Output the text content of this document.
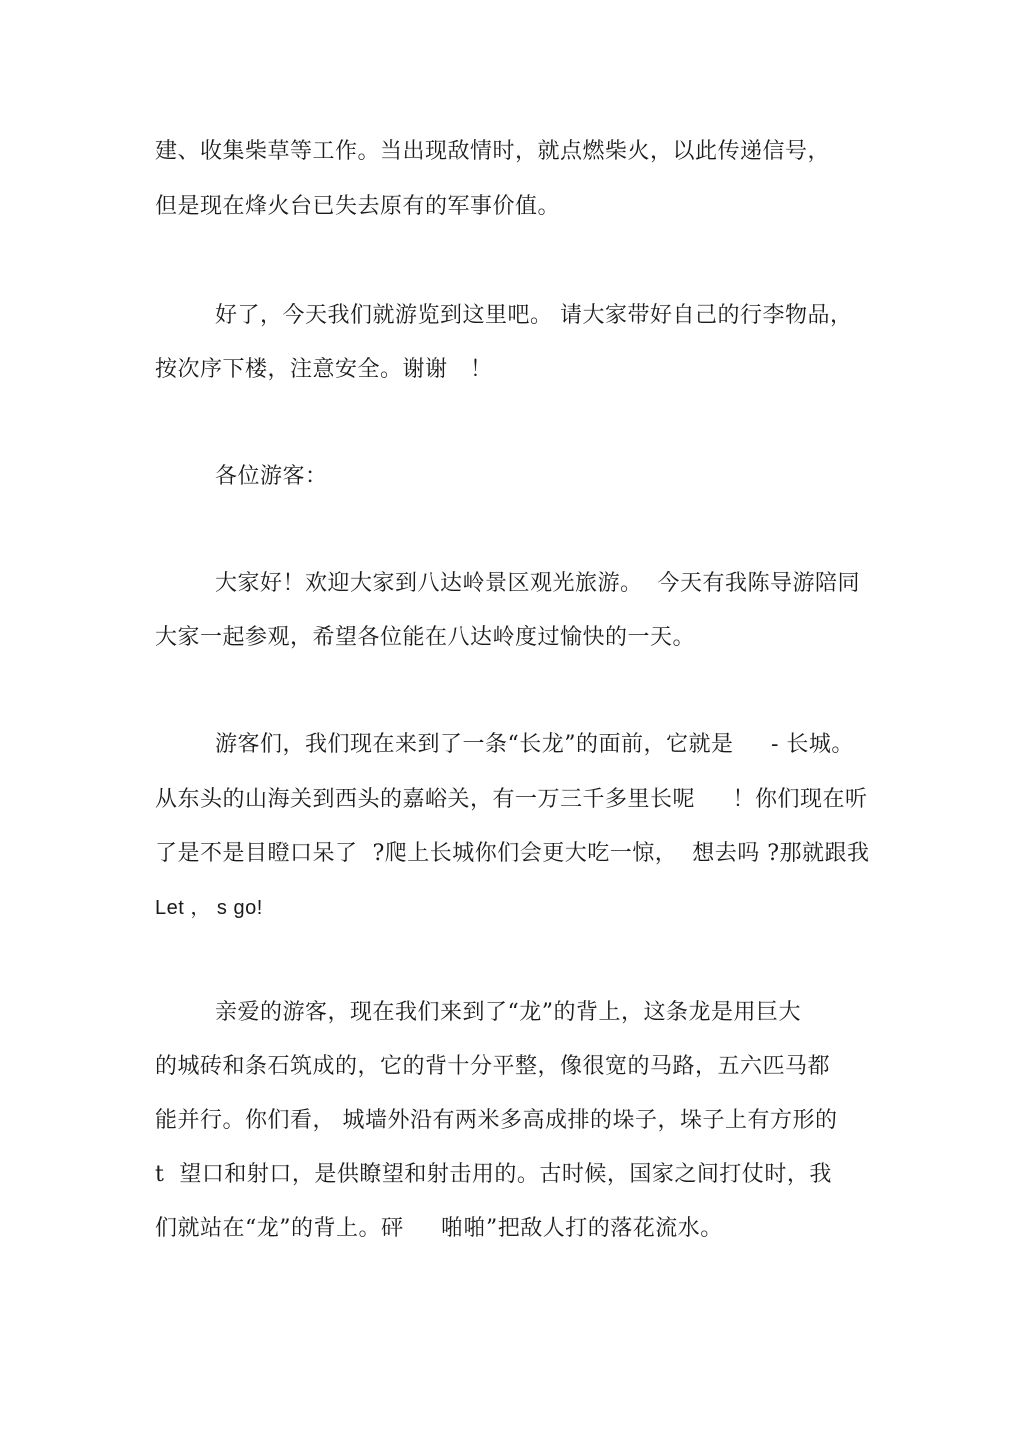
建、收集柴草等工作。当出现敌情时，就点燃柴火，以此传递信号，
但是现在烽火台已失去原有的军事价值。
好了，今天我们就游览到这里吧。 请大家带好自己的行李物品，
按次序下楼，注意安全。谢谢   ！
各位游客：
大家好！欢迎大家到八达岭景区观光旅游。  今天有我陈导游陪同
大家一起参观，希望各位能在八达岭度过愉快的一天。
游客们，我们现在来到了一条“长龙”的面前，它就是     - 长城。
从东头的山海关到西头的嘉峪关，有一万三千多里长呢     ！你们现在听
了是不是目瞪口呆了  ?爬上长城你们会更大吃一惊，  想去吗 ?那就跟我
Let ， s go!
亲爱的游客，现在我们来到了“龙”的背上，这条龙是用巨大
的城砖和条石筑成的，它的背十分平整，像很宽的马路，五六匹马都
能并行。你们看， 城墙外沿有两米多高成排的垛子，垛子上有方形的
t  望口和射口，是供瞭望和射击用的。古时候，国家之间打仗时，我
们就站在“龙”的背上。砰     啪啪”把敌人打的落花流水。
